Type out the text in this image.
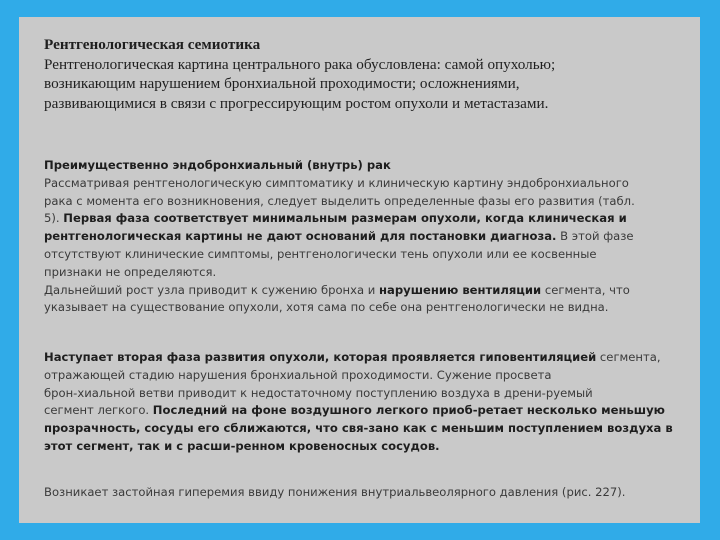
Рентгенологическая семиотика
Рентгенологическая картина центрального рака обусловлена: самой опухолью;
возникающим нарушением бронхиальной проходимости; осложнениями,
развивающимися в связи с прогрессирующим ростом опухоли и метастазами.

Преимущественно эндобронхиальный (внутрь) рак

Рассматривая рентгенологическую симптоматику и клиническую картину эндобронхиального

рака с момента его возникновения, следует выделить определенные фазы его развития (табл.

5). Первая фаза соответствует минимальным размерам опухоли, когда клиническая и

рентгенологическая картины не дают оснований для постановки диагноза. В этой фазе

отсутствуют клинические симптомы, рентгенологически тень опухоли или ее косвенные

признаки не определяются.

Дальнейший рост узла приводит к сужению бронха и нарушению вентиляции сегмента, что

указывает на существование опухоли, хотя сама по себе она рентгенологически не видна.

Наступает вторая фаза развития опухоли, которая проявляется гиповентиляцией сегмента,

отражающей стадию нарушения бронхиальной проходимости. Сужение просвета

брон-хиальной ветви приводит к недостаточному поступлению воздуха в дрени-руемый

сегмент легкого. Последний на фоне воздушного легкого приоб-ретает несколько меньшую

прозрачность, сосуды его сближаются, что свя-зано как с меньшим поступлением воздуха в

этот сегмент, так и с расши-ренном кровеносных сосудов.

Возникает застойная гиперемия ввиду понижения внутриальвеолярного давления (рис. 227).
